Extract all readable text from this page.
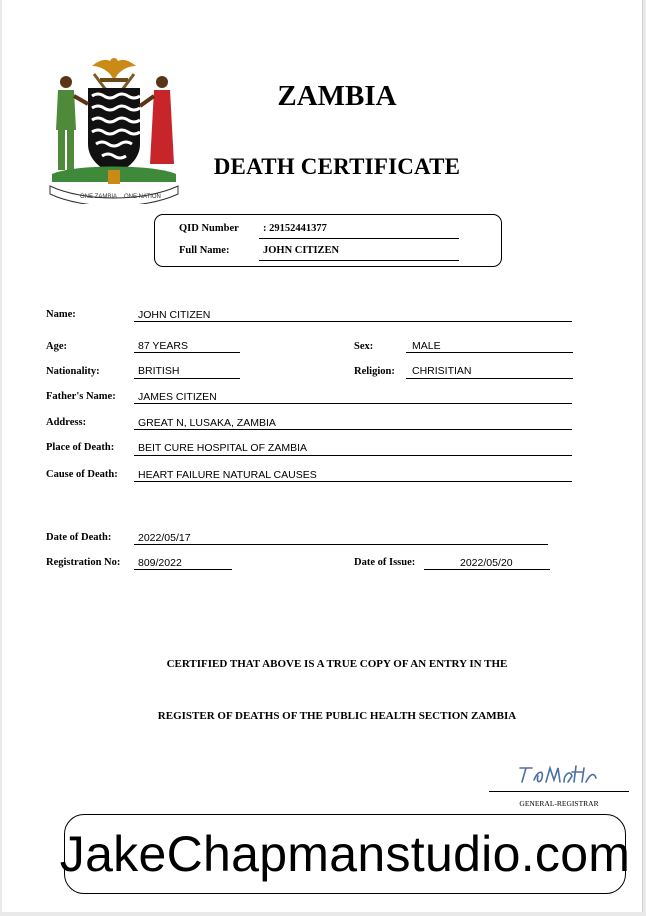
ONE ZAMBIA ONE NATION
ZAMBIA
DEATH CERTIFICATE
QID Number : 29152441377
Full Name:	JOHN CITIZEN
Name:	JOHN CITIZEN
Age:	87 YEARS	Sex:	MALE
Nationality:	BRITISH	Religion: CHRISITIAN
Father's Name: JAMES CITIZEN
Address:	GREAT N, LUSAKA, ZAMBIA
Place of Death: BEIT CURE HOSPITAL OF ZAMBIA
Cause of Death: HEART FAILURE NATURAL CAUSES
Date of Death:	2022/05/17
Registration No: 809/2022	Date of Issue:	2022/05/20
CERTIFIED THAT ABOVE IS A TRUE COPY OF AN ENTRY IN THE
REGISTER OF DEATHS OF THE PUBLIC HEALTH SECTION ZAMBIA
GENERAL-REGISTRAR
JakeChapmanstudio.com
